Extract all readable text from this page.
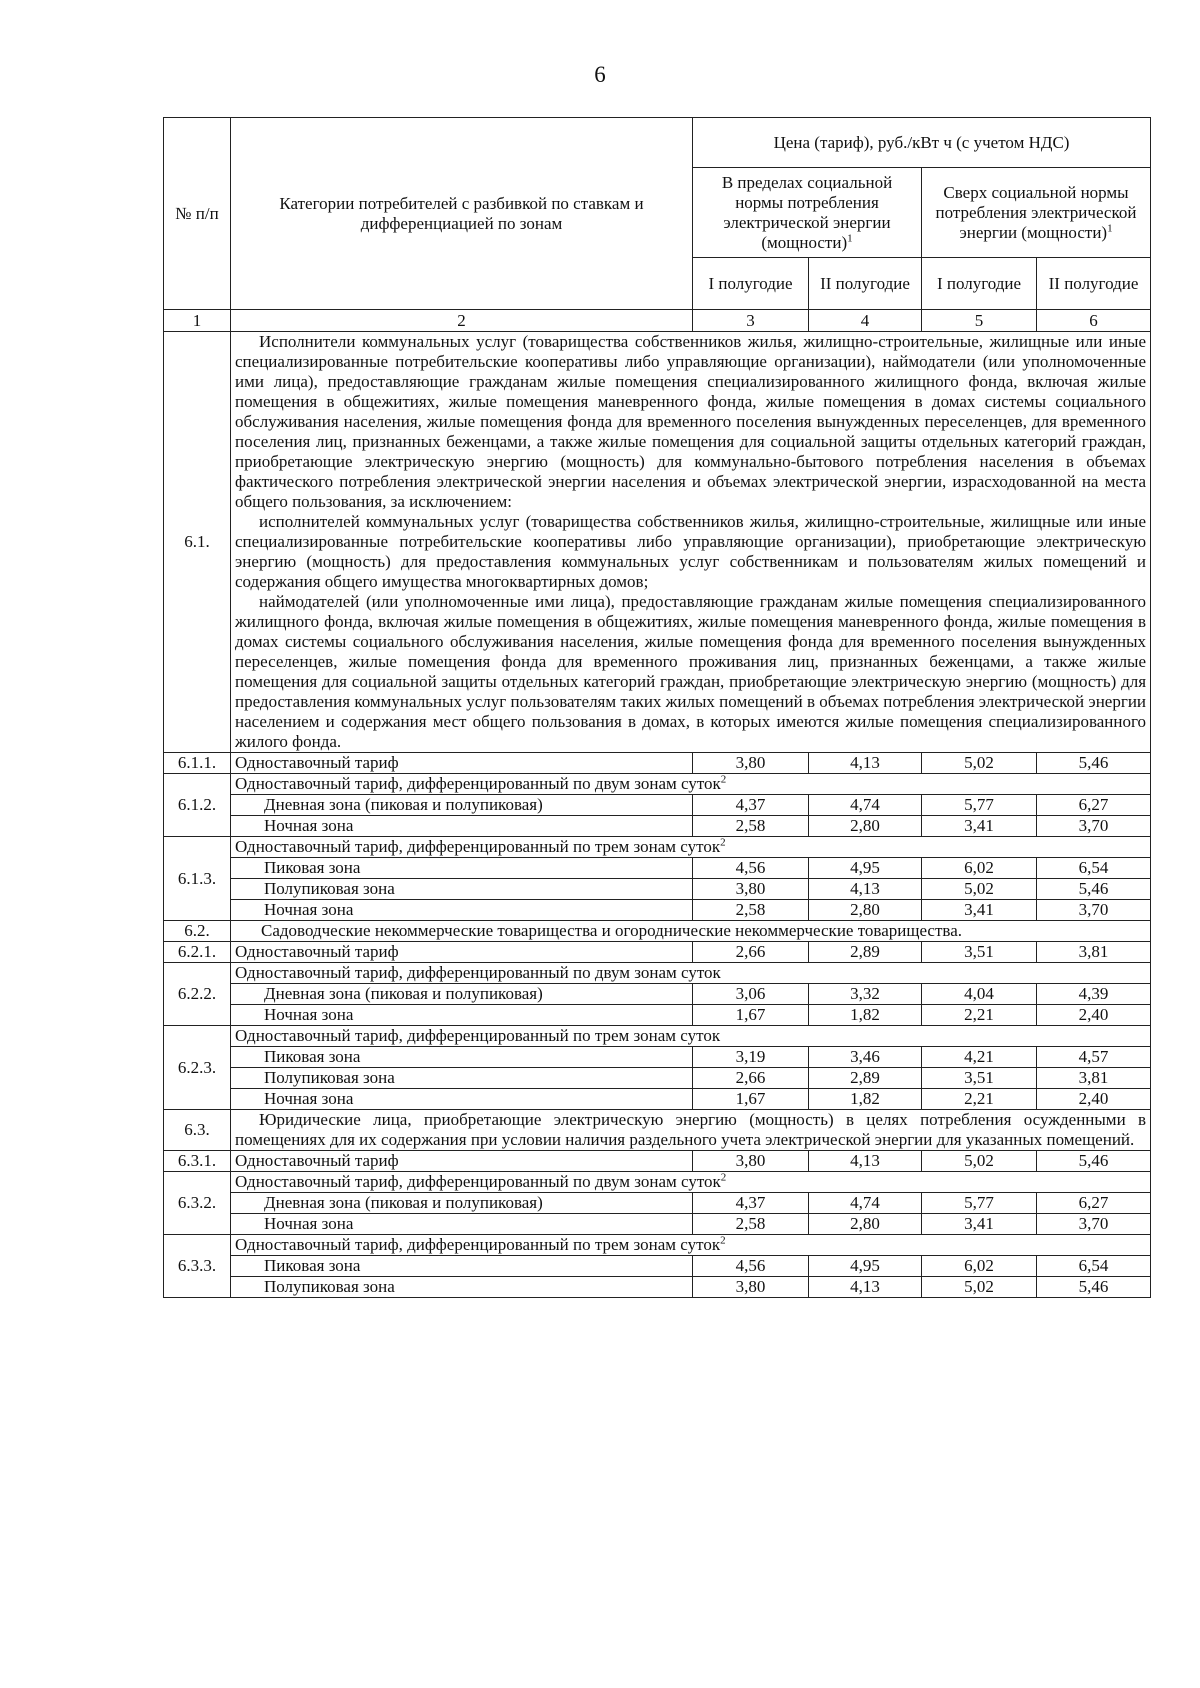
6
№ п/п	Категории потребителей с разбивкой по ставкам и дифференциацией по зонам	Цена (тариф), руб./кВт ч (с учетом НДС)			
		В пределах социальной нормы потребления электрической энергии (мощности)$^1$		Сверх социальной нормы потребления электрической энергии (мощности)$^1$
		I полугодие	II полугодие	I полугодие	II полугодие

1	2	3	4	5	6
6.1.	Исполнители коммунальных услуг (товарищества собственников жилья, жилищно-строительные, жилищные или иные специализированные потребительские кооперативы либо управляющие организации), наймодатели (или уполномоченные ими лица), предоставляющие гражданам жилые помещения специализированного жилищного фонда, включая жилые помещения в общежитиях, жилые помещения маневренного фонда, жилые помещения в домах системы социального обслуживания населения, жилые помещения фонда для временного поселения вынужденных переселенцев, для временного поселения лиц, признанных беженцами, а также жилые помещения для социальной защиты отдельных категорий граждан, приобретающие электрическую энергию (мощность) для коммунально-бытового потребления населения в объемах фактического потребления электрической энергии населения и объемах электрической энергии, израсходованной на места общего пользования, за исключением:
исполнителей коммунальных услуг (товарищества собственников жилья, жилищно-строительные, жилищные или иные специализированные потребительские кооперативы либо управляющие организации), приобретающие электрическую энергию (мощность) для предоставления коммунальных услуг собственникам и пользователям жилых помещений и содержания общего имущества многоквартирных домов;
наймодателей (или уполномоченные ими лица), предоставляющие гражданам жилые помещения специализированного жилищного фонда, включая жилые помещения в общежитиях, жилые помещения маневренного фонда, жилые помещения в домах системы социального обслуживания населения, жилые помещения фонда для временного поселения вынужденных переселенцев, жилые помещения фонда для временного проживания лиц, признанных беженцами, а также жилые помещения для социальной защиты отдельных категорий граждан, приобретающие электрическую энергию (мощность) для предоставления коммунальных услуг пользователям таких жилых помещений в объемах потребления электрической энергии населением и содержания мест общего пользования в домах, в которых имеются жилые помещения специализированного жилого фонда.				

6.1.1.	Одноставочный тариф	3,80	4,13	5,02	5,46
6.1.2.	Одноставочный тариф, дифференцированный по двум зонам суток$^2$
	Дневная зона (пиковая и полупиковая)	4,37	4,74	5,77	6,27
	Ночная зона	2,58	2,80	3,41	3,70
6.1.3.	Одноставочный тариф, дифференцированный по трем зонам суток$^2$
	Пиковая зона	4,56	4,95	6,02	6,54
	Полупиковая зона	3,80	4,13	5,02	5,46
	Ночная зона	2,58	2,80	3,41	3,70
6.2.	Садоводческие некоммерческие товарищества и огороднические некоммерческие товарищества.				
6.2.1.	Одноставочный тариф	2,66	2,89	3,51	3,81
6.2.2.	Одноставочный тариф, дифференцированный по двум зонам суток				
	Дневная зона (пиковая и полупиковая)	3,06	3,32	4,04	4,39
	Ночная зона	1,67	1,82	2,21	2,40
6.2.3.	Одноставочный тариф, дифференцированный по трем зонам суток				
	Пиковая зона	3,19	3,46	4,21	4,57
	Полупиковая зона	2,66	2,89	3,51	3,81
	Ночная зона	1,67	1,82	2,21	2,40
6.3.	Юридические лица, приобретающие электрическую энергию (мощность) в целях потребления осужденными в помещениях для их содержания при условии наличия раздельного учета электрической энергии для указанных помещений.				

6.3.1.	Одноставочный тариф	3,80	4,13	5,02	5,46
6.3.2.	Одноставочный тариф, дифференцированный по двум зонам суток$^2$
	Дневная зона (пиковая и полупиковая)	4,37	4,74	5,77	6,27
	Ночная зона	2,58	2,80	3,41	3,70
6.3.3.	Одноставочный тариф, дифференцированный по трем зонам суток$^2$
	Пиковая зона	4,56	4,95	6,02	6,54
	Полупиковая зона	3,80	4,13	5,02	5,46
